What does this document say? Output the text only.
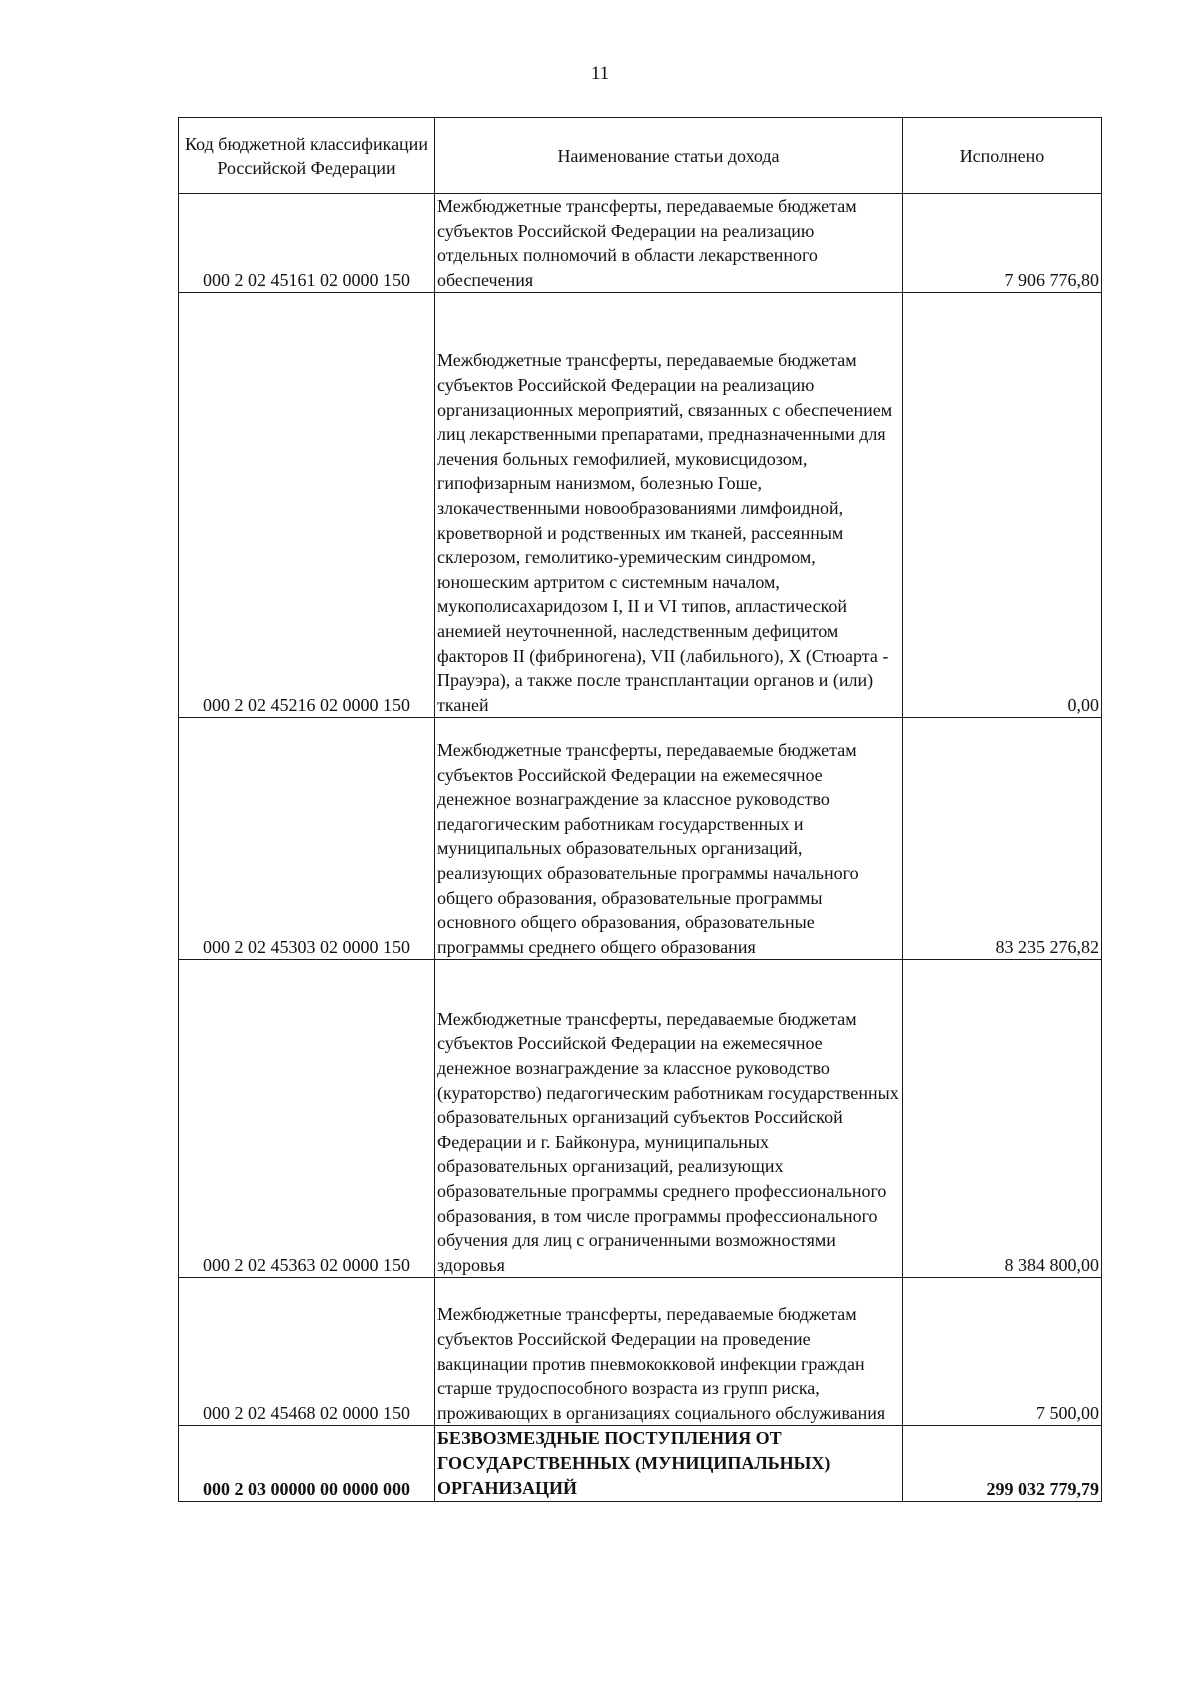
11
Код бюджетной классификации Российской Федерации	Наименование статьи дохода	Исполнено
000 2 02 45161 02 0000 150	Межбюджетные трансферты, передаваемые бюджетам субъектов Российской Федерации на реализацию отдельных полномочий в области лекарственного обеспечения	7 906 776,80
000 2 02 45216 02 0000 150	Межбюджетные трансферты, передаваемые бюджетам субъектов Российской Федерации на реализацию организационных мероприятий, связанных с обеспечением лиц лекарственными препаратами, предназначенными для лечения больных гемофилией, муковисцидозом, гипофизарным нанизмом, болезнью Гоше, злокачественными новообразованиями лимфоидной, кроветворной и родственных им тканей, рассеянным склерозом, гемолитико-уремическим синдромом, юношеским артритом с системным началом, мукополисахаридозом I, II и VI типов, апластической анемией неуточненной, наследственным дефицитом факторов II (фибриногена), VII (лабильного), X (Стюарта - Прауэра), а также после трансплантации органов и (или) тканей	0,00
000 2 02 45303 02 0000 150	Межбюджетные трансферты, передаваемые бюджетам субъектов Российской Федерации на ежемесячное денежное вознаграждение за классное руководство педагогическим работникам государственных и муниципальных образовательных организаций, реализующих образовательные программы начального общего образования, образовательные программы основного общего образования, образовательные программы среднего общего образования	83 235 276,82
000 2 02 45363 02 0000 150	Межбюджетные трансферты, передаваемые бюджетам субъектов Российской Федерации на ежемесячное денежное вознаграждение за классное руководство (кураторство) педагогическим работникам государственных образовательных организаций субъектов Российской Федерации и г. Байконура, муниципальных образовательных организаций, реализующих образовательные программы среднего профессионального образования, в том числе программы профессионального обучения для лиц с ограниченными возможностями здоровья	8 384 800,00
000 2 02 45468 02 0000 150	Межбюджетные трансферты, передаваемые бюджетам субъектов Российской Федерации на проведение вакцинации против пневмококковой инфекции граждан старше трудоспособного возраста из групп риска, проживающих в организациях социального обслуживания	7 500,00
000 2 03 00000 00 0000 000	БЕЗВОЗМЕЗДНЫЕ ПОСТУПЛЕНИЯ ОТ ГОСУДАРСТВЕННЫХ (МУНИЦИПАЛЬНЫХ) ОРГАНИЗАЦИЙ	299 032 779,79
